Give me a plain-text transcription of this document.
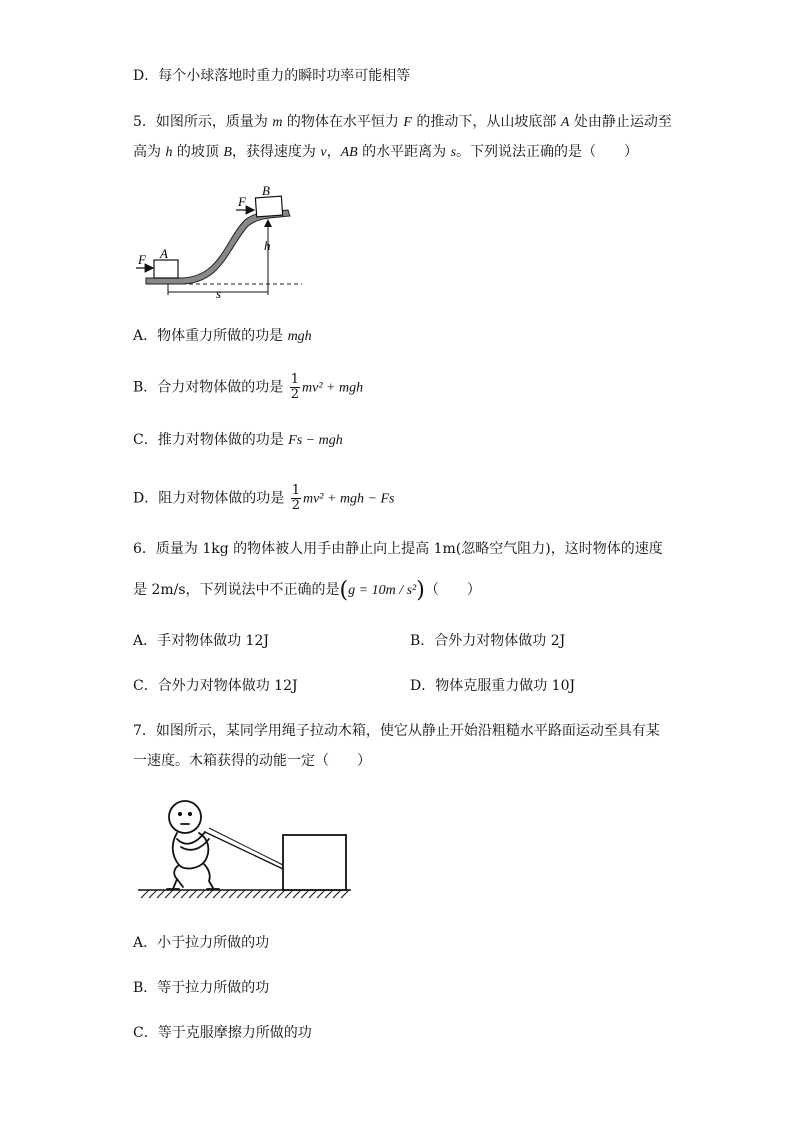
D．每个小球落地时重力的瞬时功率可能相等
5．如图所示，质量为 m 的物体在水平恒力 F 的推动下，从山坡底部 A 处由静止运动至
高为 h 的坡顶 B，获得速度为 v，AB 的水平距离为 s。下列说法正确的是（　　）
A
F
B
F
h
s
A．物体重力所做的功是 mgh
B．合力对物体做的功是 $\frac{1}{2} mv^2$ + mgh
C．推力对物体做的功是 Fs − mgh
D．阻力对物体做的功是 $\frac{1}{2} mv^2$ + mgh − Fs
6．质量为 1kg 的物体被人用手由静止向上提高 1m(忽略空气阻力)，这时物体的速度
是 2m/s，下列说法中不正确的是(g = 10m / s²)（　　）
A．手对物体做功 12J	B．合外力对物体做功 2J
C．合外力对物体做功 12J	D．物体克服重力做功 10J
7．如图所示，某同学用绳子拉动木箱，使它从静止开始沿粗糙水平路面运动至具有某
一速度。木箱获得的动能一定（　　）
A．小于拉力所做的功
B．等于拉力所做的功
C．等于克服摩擦力所做的功
